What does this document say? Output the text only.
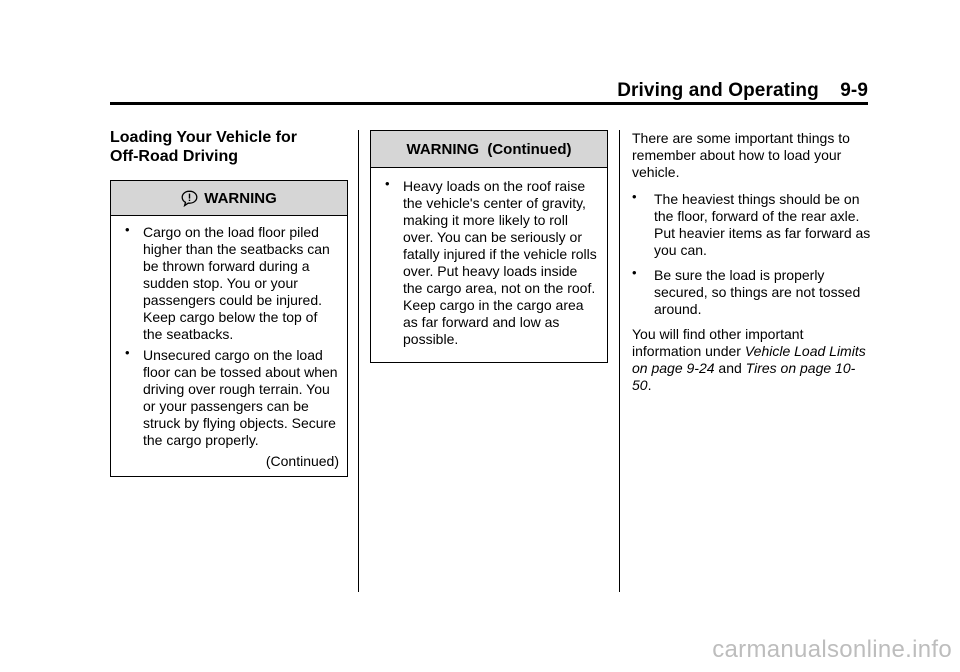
Driving and Operating 9-9
Loading Your Vehicle for
Off-Road Driving
WARNING
• Cargo on the load floor piled higher than the seatbacks can be thrown forward during a sudden stop. You or your passengers could be injured. Keep cargo below the top of the seatbacks.
• Unsecured cargo on the load floor can be tossed about when driving over rough terrain. You or your passengers can be struck by flying objects. Secure the cargo properly.
(Continued)
WARNING  (Continued)
• Heavy loads on the roof raise the vehicle's center of gravity, making it more likely to roll over. You can be seriously or fatally injured if the vehicle rolls over. Put heavy loads inside the cargo area, not on the roof. Keep cargo in the cargo area as far forward and low as possible.

There are some important things to remember about how to load your vehicle.

• The heaviest things should be on the floor, forward of the rear axle. Put heavier items as far forward as you can.
• Be sure the load is properly secured, so things are not tossed around.

You will find other important information under Vehicle Load Limits on page 9-24 and Tires on page 10-50.

carmanualsonline.info
